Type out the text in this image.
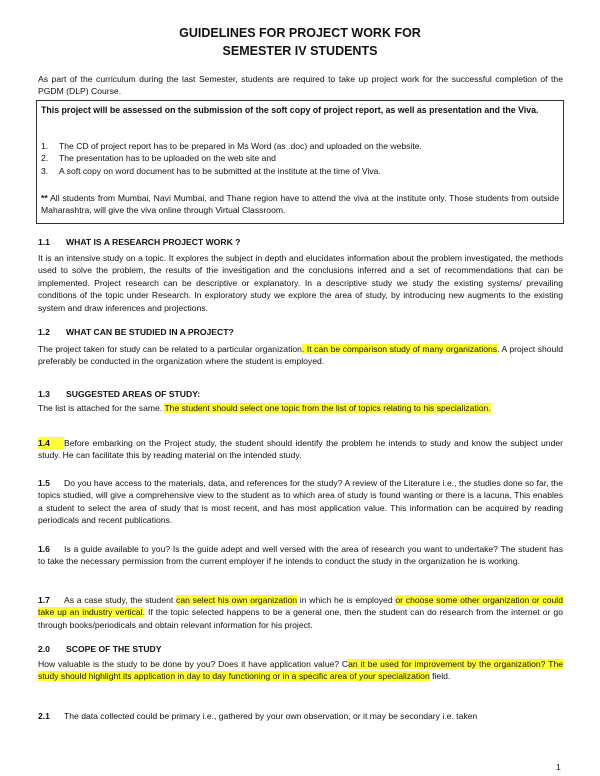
GUIDELINES FOR PROJECT WORK FOR
SEMESTER IV STUDENTS
As part of the curriculum during the last Semester, students are required to take up project work for the successful completion of the PGDM (DLP) Course.
This project will be assessed on the submission of the soft copy of project report, as well as presentation and the Viva.
1. The CD of project report has to be prepared in Ms Word (as .doc) and uploaded on the website.
2. The presentation has to be uploaded on the web site and
3. A soft copy on word document has to be submitted at the institute at the time of Viva.
** All students from Mumbai, Navi Mumbai, and Thane region have to attend the viva at the institute only. Those students from outside Maharashtra, will give the viva online through Virtual Classroom.
1.1 WHAT IS A RESEARCH PROJECT WORK ?
It is an intensive study on a topic. It explores the subject in depth and elucidates information about the problem investigated, the methods used to solve the problem, the results of the investigation and the conclusions inferred and a set of recommendations that can be implemented. Project research can be descriptive or explanatory. In a descriptive study we study the existing systems/ prevailing conditions of the topic under Research. In exploratory study we explore the area of study, by introducing new augments to the existing system and draw inferences and projections.
1.2 WHAT CAN BE STUDIED IN A PROJECT?
The project taken for study can be related to a particular organization. It can be comparison study of many organizations. A project should preferably be conducted in the organization where the student is employed.
1.3 SUGGESTED AREAS OF STUDY:
The list is attached for the same. The student should select one topic from the list of topics relating to his specialization.
1.4 Before embarking on the Project study, the student should identify the problem he intends to study and know the subject under study. He can facilitate this by reading material on the intended study.
1.5 Do you have access to the materials, data, and references for the study? A review of the Literature i.e., the studies done so far, the topics studied, will give a comprehensive view to the student as to which area of study is found wanting or there is a lacuna. This enables a student to select the area of study that is most recent, and has most application value. This information can be acquired by reading periodicals and recent publications.
1.6 Is a guide available to you? Is the guide adept and well versed with the area of research you want to undertake? The student has to take the necessary permission from the current employer if he intends to conduct the study in the organization he is working.
1.7 As a case study, the student can select his own organization in which he is employed or choose some other organization or could take up an industry vertical. If the topic selected happens to be a general one, then the student can do research from the internet or go through books/periodicals and obtain relevant information for his project.
2.0 SCOPE OF THE STUDY
How valuable is the study to be done by you? Does it have application value? Can it be used for improvement by the organization? The study should highlight its application in day to day functioning or in a specific area of your specialization field.
2.1 The data collected could be primary i.e., gathered by your own observation, or it may be secondary i.e. taken
1
